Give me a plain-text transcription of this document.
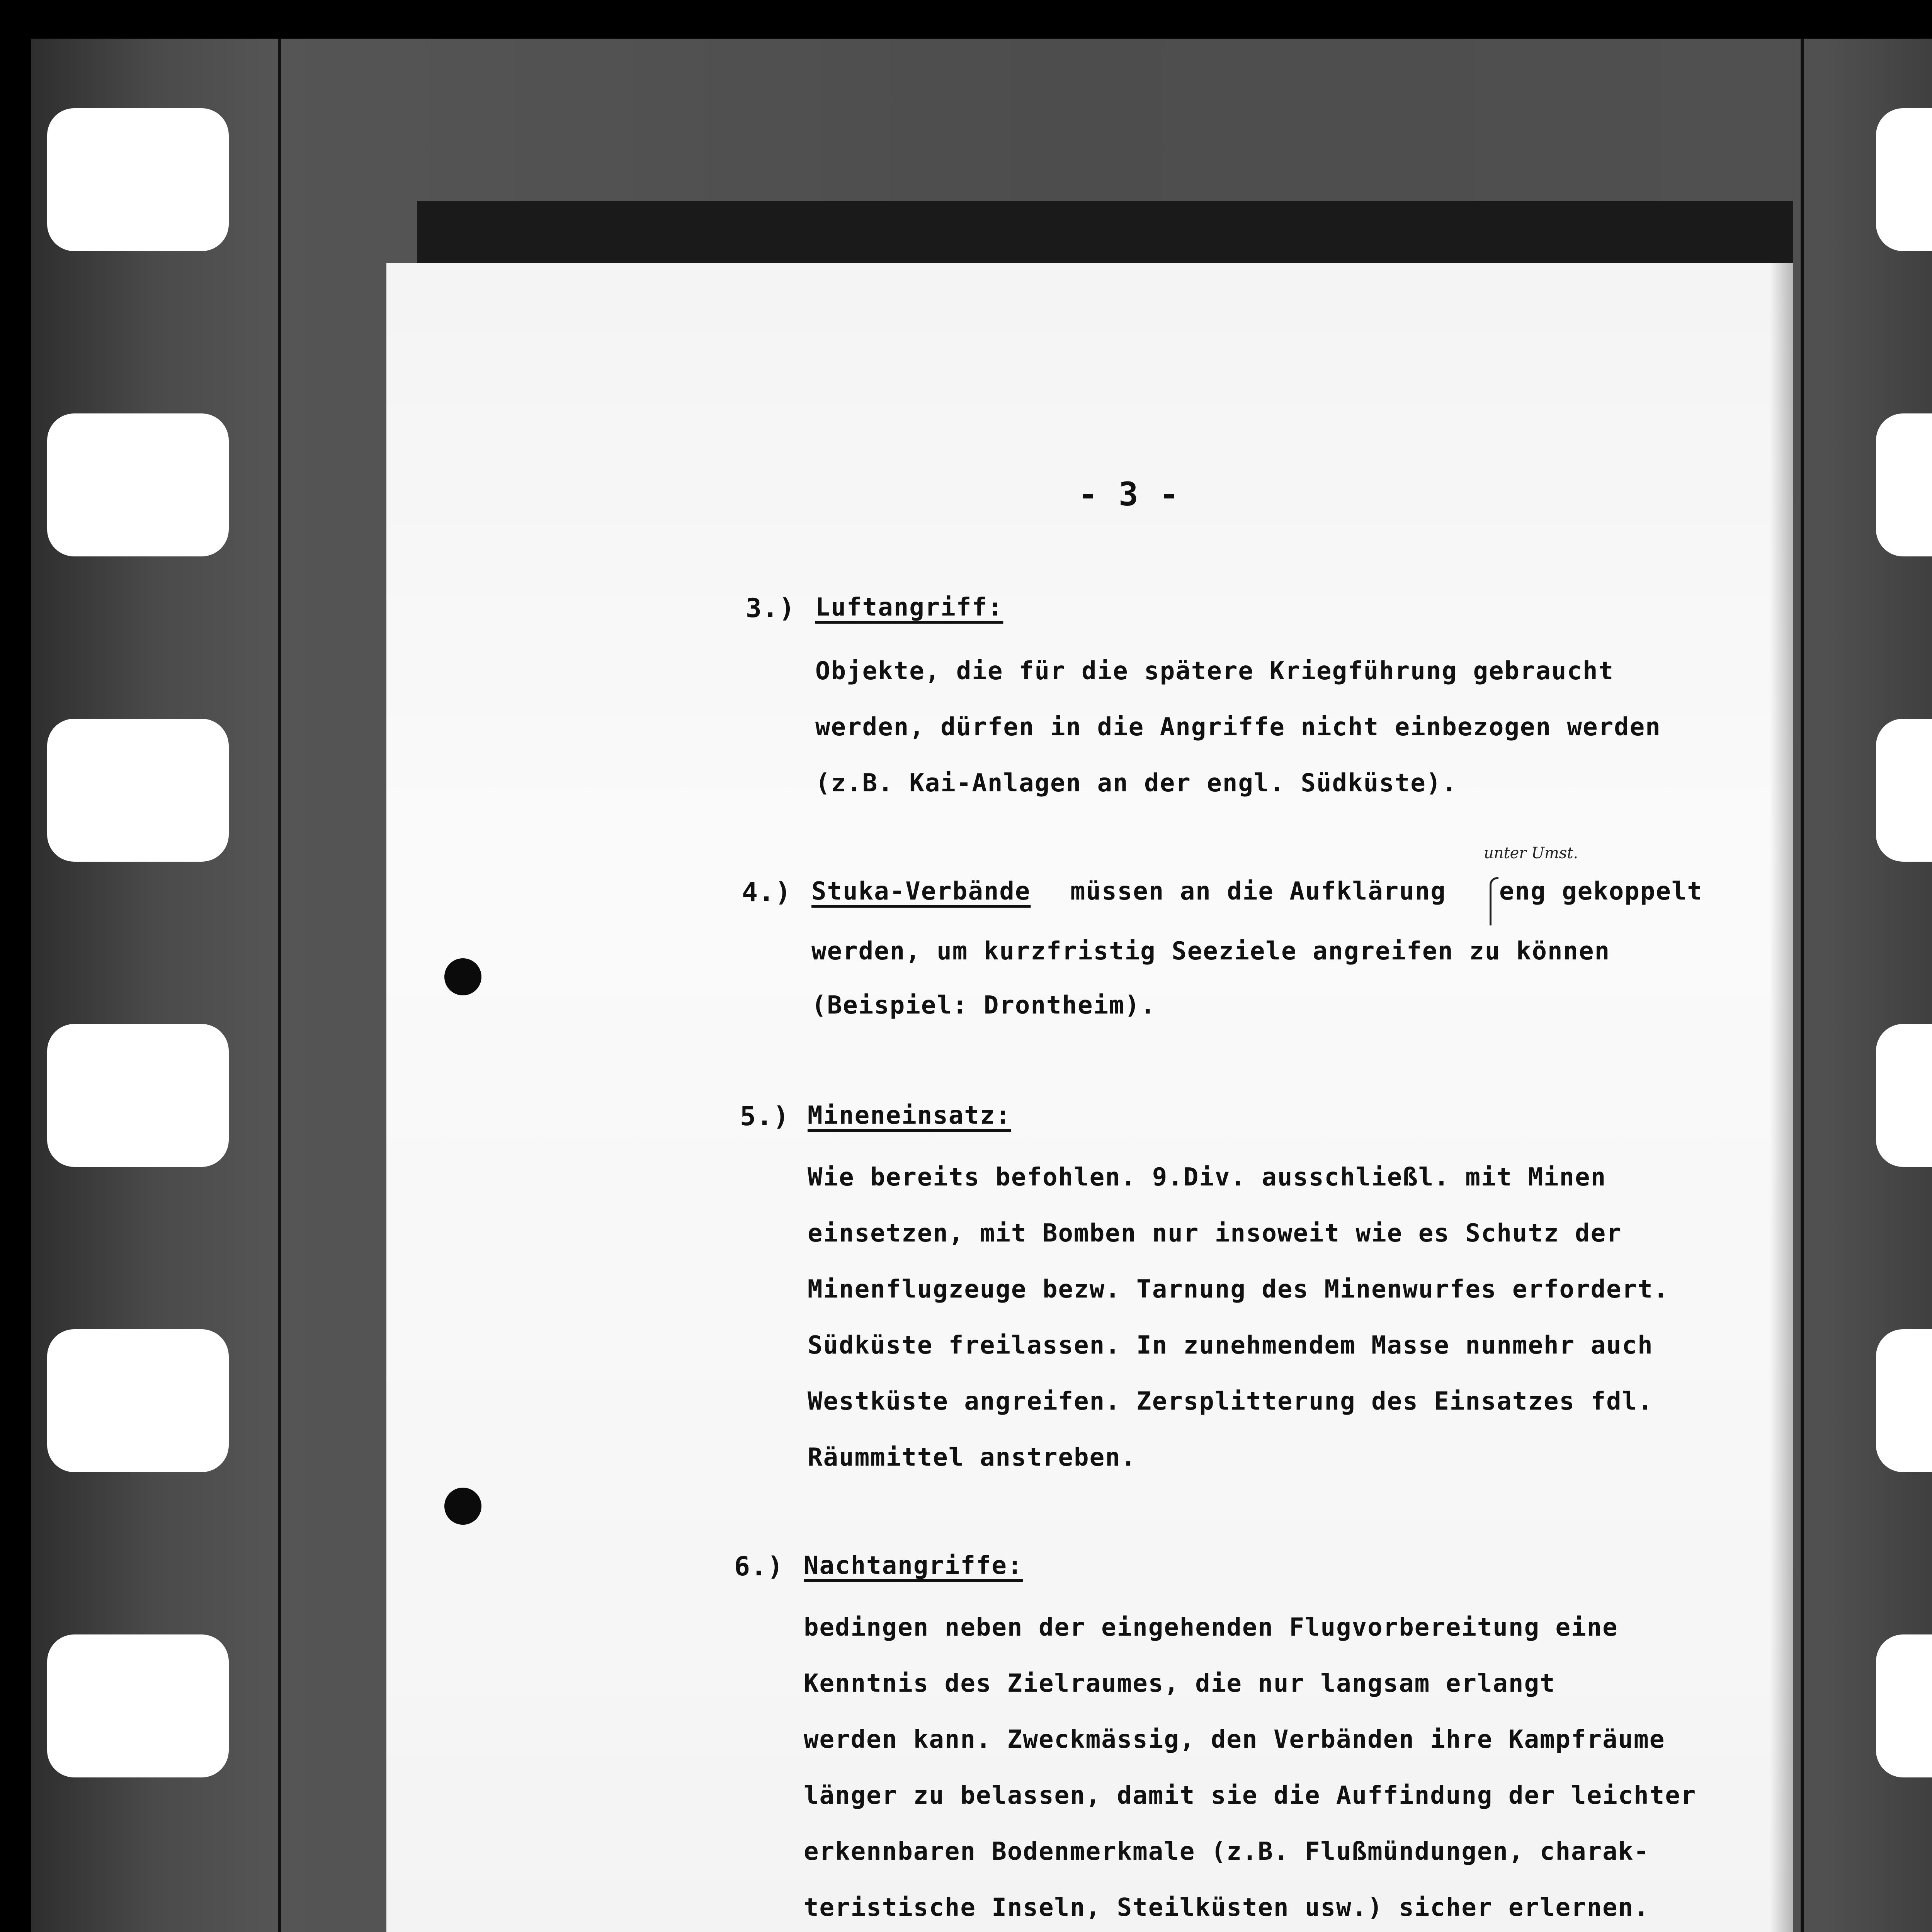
- 3 -
3.) Luftangriff:
Objekte, die für die spätere Kriegführung gebraucht
werden, dürfen in die Angriffe nicht einbezogen werden
(z.B. Kai-Anlagen an der engl. Südküste).
4.) Stuka-Verbände müssen an die Aufklärung
unter Umst.
eng gekoppelt
werden, um kurzfristig Seeziele angreifen zu können
(Beispiel: Drontheim).
5.) Mineneinsatz:
Wie bereits befohlen. 9.Div. ausschließl. mit Minen
einsetzen, mit Bomben nur insoweit wie es Schutz der
Minenflugzeuge bezw. Tarnung des Minenwurfes erfordert.
Südküste freilassen. In zunehmendem Masse nunmehr auch
Westküste angreifen. Zersplitterung des Einsatzes fdl.
Räummittel anstreben.
6.) Nachtangriffe:
bedingen neben der eingehenden Flugvorbereitung eine
Kenntnis des Zielraumes, die nur langsam erlangt
werden kann. Zweckmässig, den Verbänden ihre Kampfräume
länger zu belassen, damit sie die Auffindung der leichter
erkennbaren Bodenmerkmale (z.B. Flußmündungen, charak-
teristische Inseln, Steilküsten usw.) sicher erlernen.
